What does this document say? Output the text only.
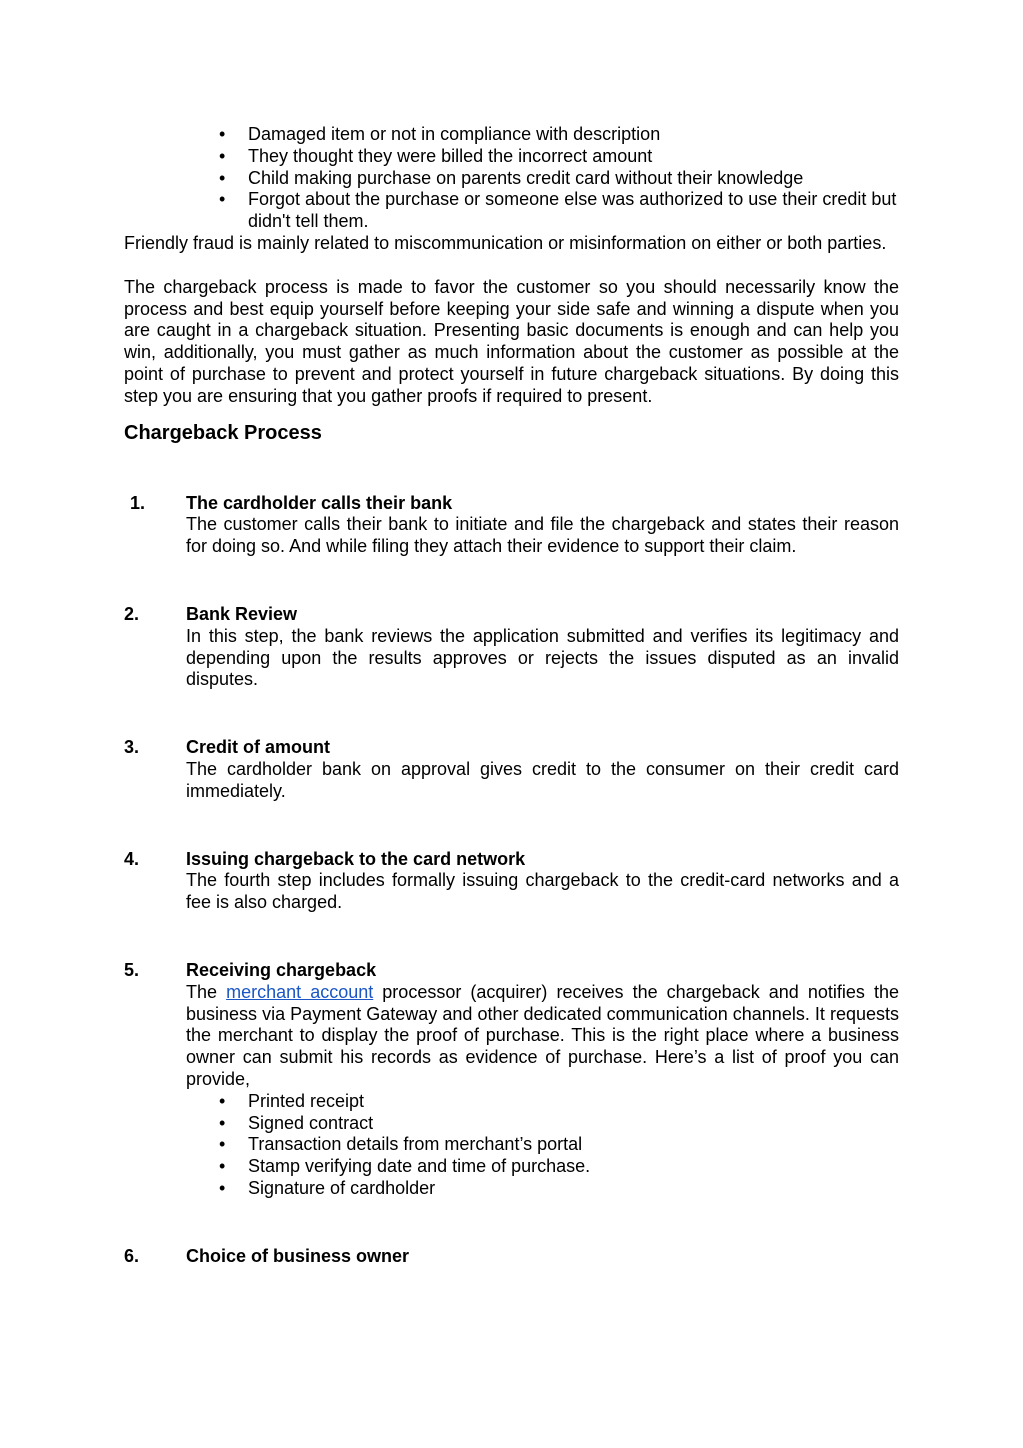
• Damaged item or not in compliance with description
• They thought they were billed the incorrect amount
• Child making purchase on parents credit card without their knowledge
• Forgot about the purchase or someone else was authorized to use their credit but didn't tell them.

Friendly fraud is mainly related to miscommunication or misinformation on either or both parties.

The chargeback process is made to favor the customer so you should necessarily know the process and best equip yourself before keeping your side safe and winning a dispute when you are caught in a chargeback situation. Presenting basic documents is enough and can help you win, additionally, you must gather as much information about the customer as possible at the point of purchase to prevent and protect yourself in future chargeback situations. By doing this step you are ensuring that you gather proofs if required to present.

Chargeback Process
1. The cardholder calls their bank

The customer calls their bank to initiate and file the chargeback and states their reason for doing so. And while filing they attach their evidence to support their claim.

2.	Bank Review

In this step, the bank reviews the application submitted and verifies its legitimacy and depending upon the results approves or rejects the issues disputed as an invalid disputes.

3.	Credit of amount

The cardholder bank on approval gives credit to the consumer on their credit card immediately.

4.	Issuing chargeback to the card network

The fourth step includes formally issuing chargeback to the credit-card networks and a fee is also charged.

5.	Receiving chargeback

The merchant account processor (acquirer) receives the chargeback and notifies the business via Payment Gateway and other dedicated communication channels. It requests the merchant to display the proof of purchase. This is the right place where a business owner can submit his records as evidence of purchase. Here’s a list of proof you can provide,

• Printed receipt
• Signed contract
• Transaction details from merchant’s portal
• Stamp verifying date and time of purchase.
• Signature of cardholder
6.	Choice of business owner
